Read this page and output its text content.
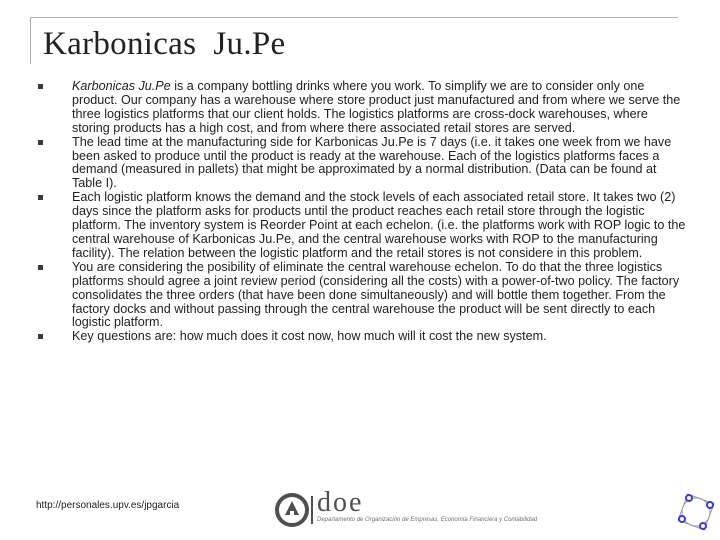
Karbonicas  Ju.Pe
Karbonicas Ju.Pe is a company bottling drinks where you work. To simplify we are to consider only one product. Our company has a warehouse where store product just manufactured and from where we serve the three logistics platforms that our client holds. The logistics platforms are cross-dock warehouses, where storing products has a high cost, and from where there associated retail stores are served.
The lead time at the manufacturing side for Karbonicas Ju.Pe is 7 days (i.e. it takes one week from we have been asked to produce until the product is ready at the warehouse. Each of the logistics platforms faces a demand (measured in pallets) that might be approximated by a normal distribution. (Data can be found at Table I).
Each logistic platform knows the demand and the stock levels of each associated retail store. It takes two (2) days since the platform asks for products until the product reaches each retail store through the logistic platform. The inventory system is Reorder Point at each echelon. (i.e. the platforms work with ROP logic to the central warehouse of Karbonicas Ju.Pe, and the central warehouse works with ROP to the manufacturing facility). The relation between the logistic platform and the retail stores is not considere in this problem.
You are considering the posibility of eliminate the central warehouse echelon. To do that the three logistics platforms should agree a joint review period (considering all the costs) with a power-of-two policy. The factory consolidates the three orders (that have been done simultaneously) and will bottle them together. From the factory docks and without passing through the central warehouse the product will be sent directly to each logistic platform.
Key questions are: how much does it cost now, how much will it cost the new system.
http://personales.upv.es/jpgarcia	doe
Departamento de Organización de Empresas, Economía Financiera y Contabilidad
